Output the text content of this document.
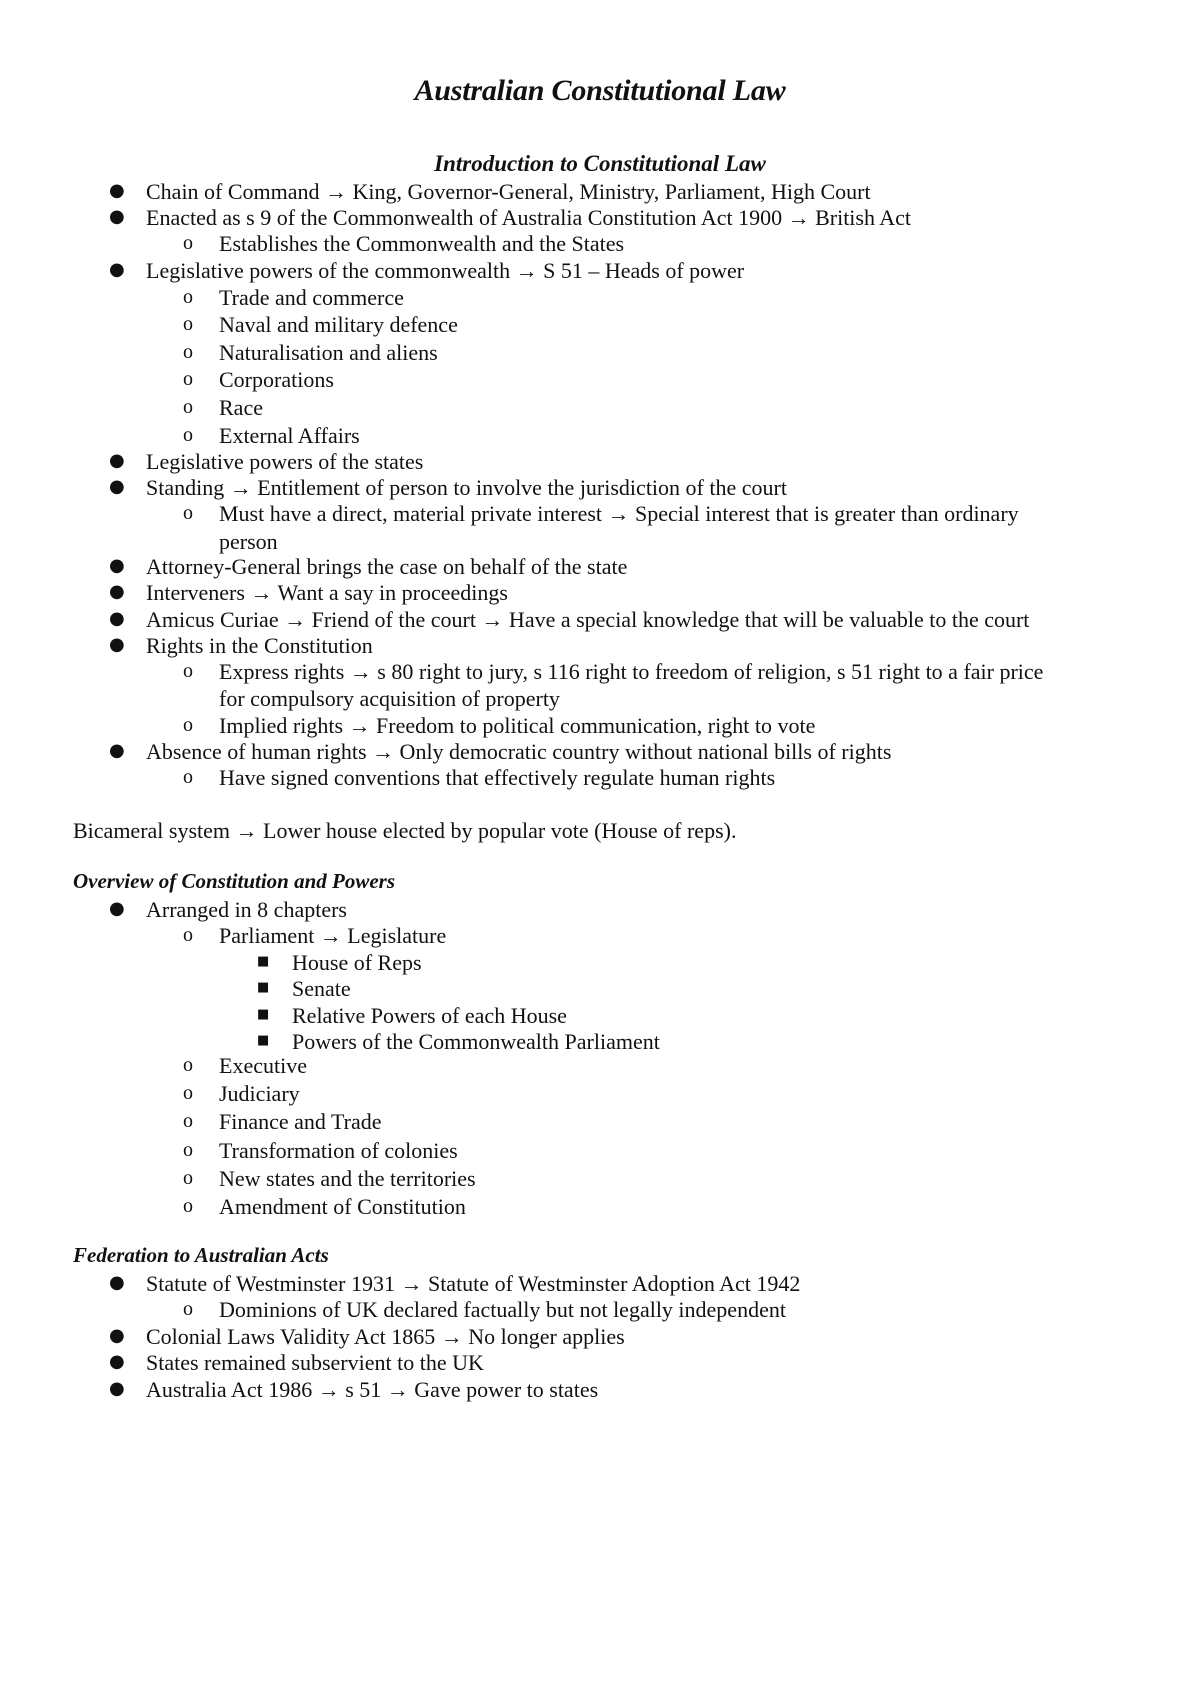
Australian Constitutional Law
Introduction to Constitutional Law
● Chain of Command → King, Governor-General, Ministry, Parliament, High Court
● Enacted as s 9 of the Commonwealth of Australia Constitution Act 1900 → British Act
o Establishes the Commonwealth and the States
● Legislative powers of the commonwealth → S 51 – Heads of power
o Trade and commerce
o Naval and military defence
o Naturalisation and aliens
o Corporations
o Race
o External Affairs
● Legislative powers of the states
● Standing → Entitlement of person to involve the jurisdiction of the court
o Must have a direct, material private interest → Special interest that is greater than ordinary
person
● Attorney-General brings the case on behalf of the state
● Interveners → Want a say in proceedings
● Amicus Curiae → Friend of the court → Have a special knowledge that will be valuable to the court
● Rights in the Constitution
o Express rights → s 80 right to jury, s 116 right to freedom of religion, s 51 right to a fair price
for compulsory acquisition of property
o Implied rights → Freedom to political communication, right to vote
● Absence of human rights → Only democratic country without national bills of rights
o Have signed conventions that effectively regulate human rights
Bicameral system → Lower house elected by popular vote (House of reps).
Overview of Constitution and Powers
● Arranged in 8 chapters
o Parliament → Legislature
■ House of Reps
■ Senate
■ Relative Powers of each House
■ Powers of the Commonwealth Parliament
o Executive
o Judiciary
o Finance and Trade
o Transformation of colonies
o New states and the territories
o Amendment of Constitution
Federation to Australian Acts
● Statute of Westminster 1931 → Statute of Westminster Adoption Act 1942
o Dominions of UK declared factually but not legally independent
● Colonial Laws Validity Act 1865 → No longer applies
● States remained subservient to the UK
● Australia Act 1986 → s 51 → Gave power to states
